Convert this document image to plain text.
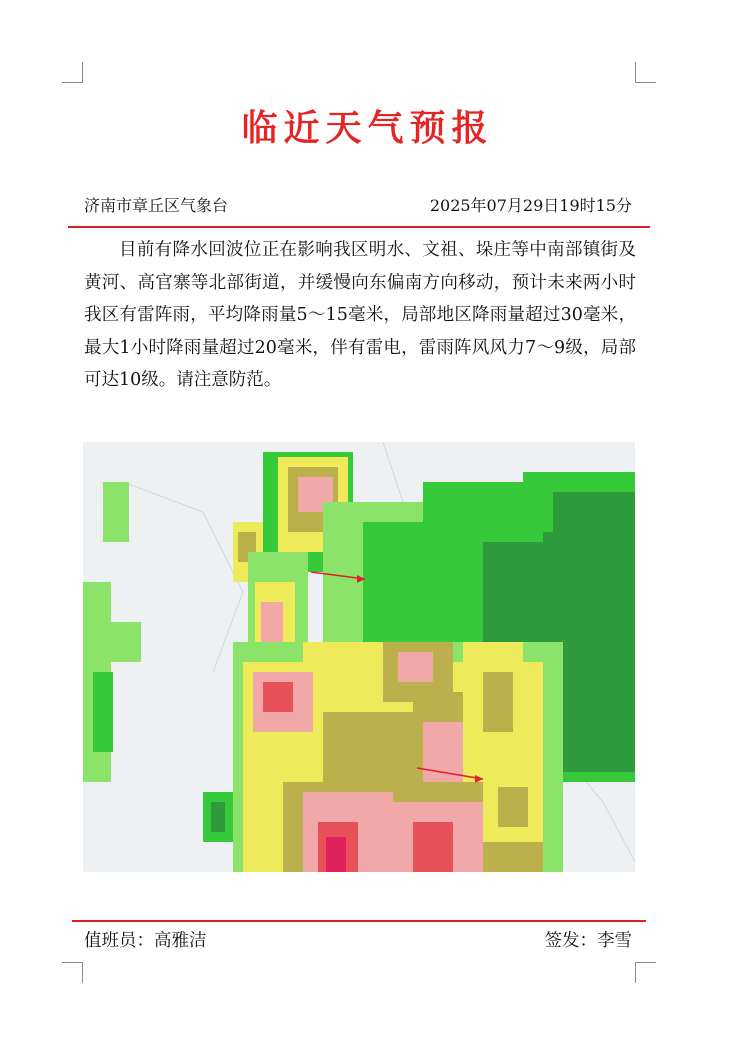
临近天气预报
济南市章丘区气象台	2025年07月29日19时15分
目前有降水回波位正在影响我区明水、文祖、垛庄等中南部镇街及黄河、高官寨等北部街道，并缓慢向东偏南方向移动，预计未来两小时我区有雷阵雨，平均降雨量5～15毫米，局部地区降雨量超过30毫米，最大1小时降雨量超过20毫米，伴有雷电，雷雨阵风风力7～9级，局部可达10级。请注意防范。
值班员：高雅洁	签发：李雪
